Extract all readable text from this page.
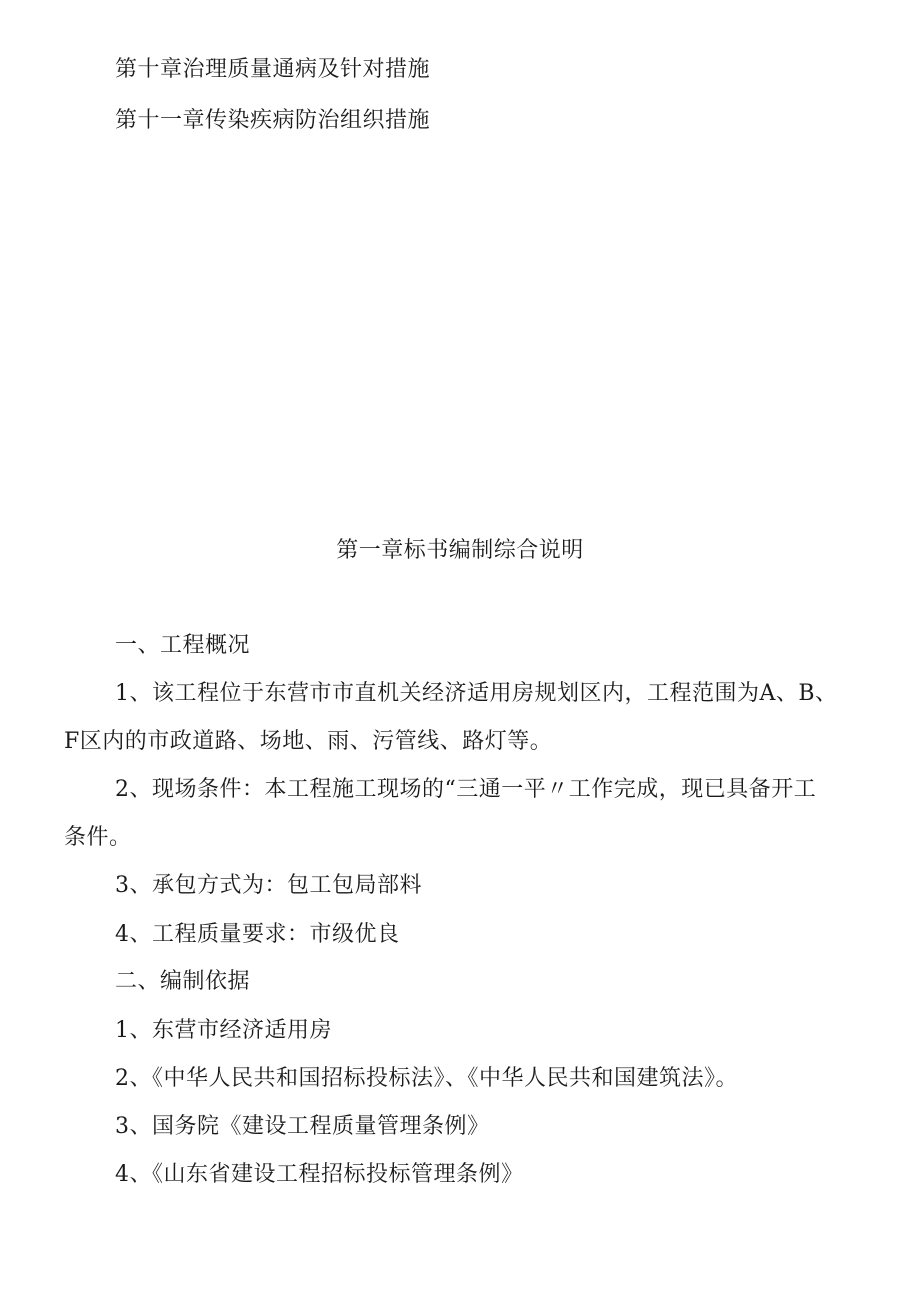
第十章治理质量通病及针对措施
第十一章传染疾病防治组织措施
第一章标书编制综合说明
一、工程概况
1、该工程位于东营市市直机关经济适用房规划区内，工程范围为A、B、
F区内的市政道路、场地、雨、污管线、路灯等。
2、现场条件：本工程施工现场的“三通一平〃工作完成，现已具备开工
条件。
3、承包方式为：包工包局部料
4、工程质量要求：市级优良
二、编制依据
1、东营市经济适用房
2、《中华人民共和国招标投标法》、《中华人民共和国建筑法》。
3、国务院《建设工程质量管理条例》
4、《山东省建设工程招标投标管理条例》
